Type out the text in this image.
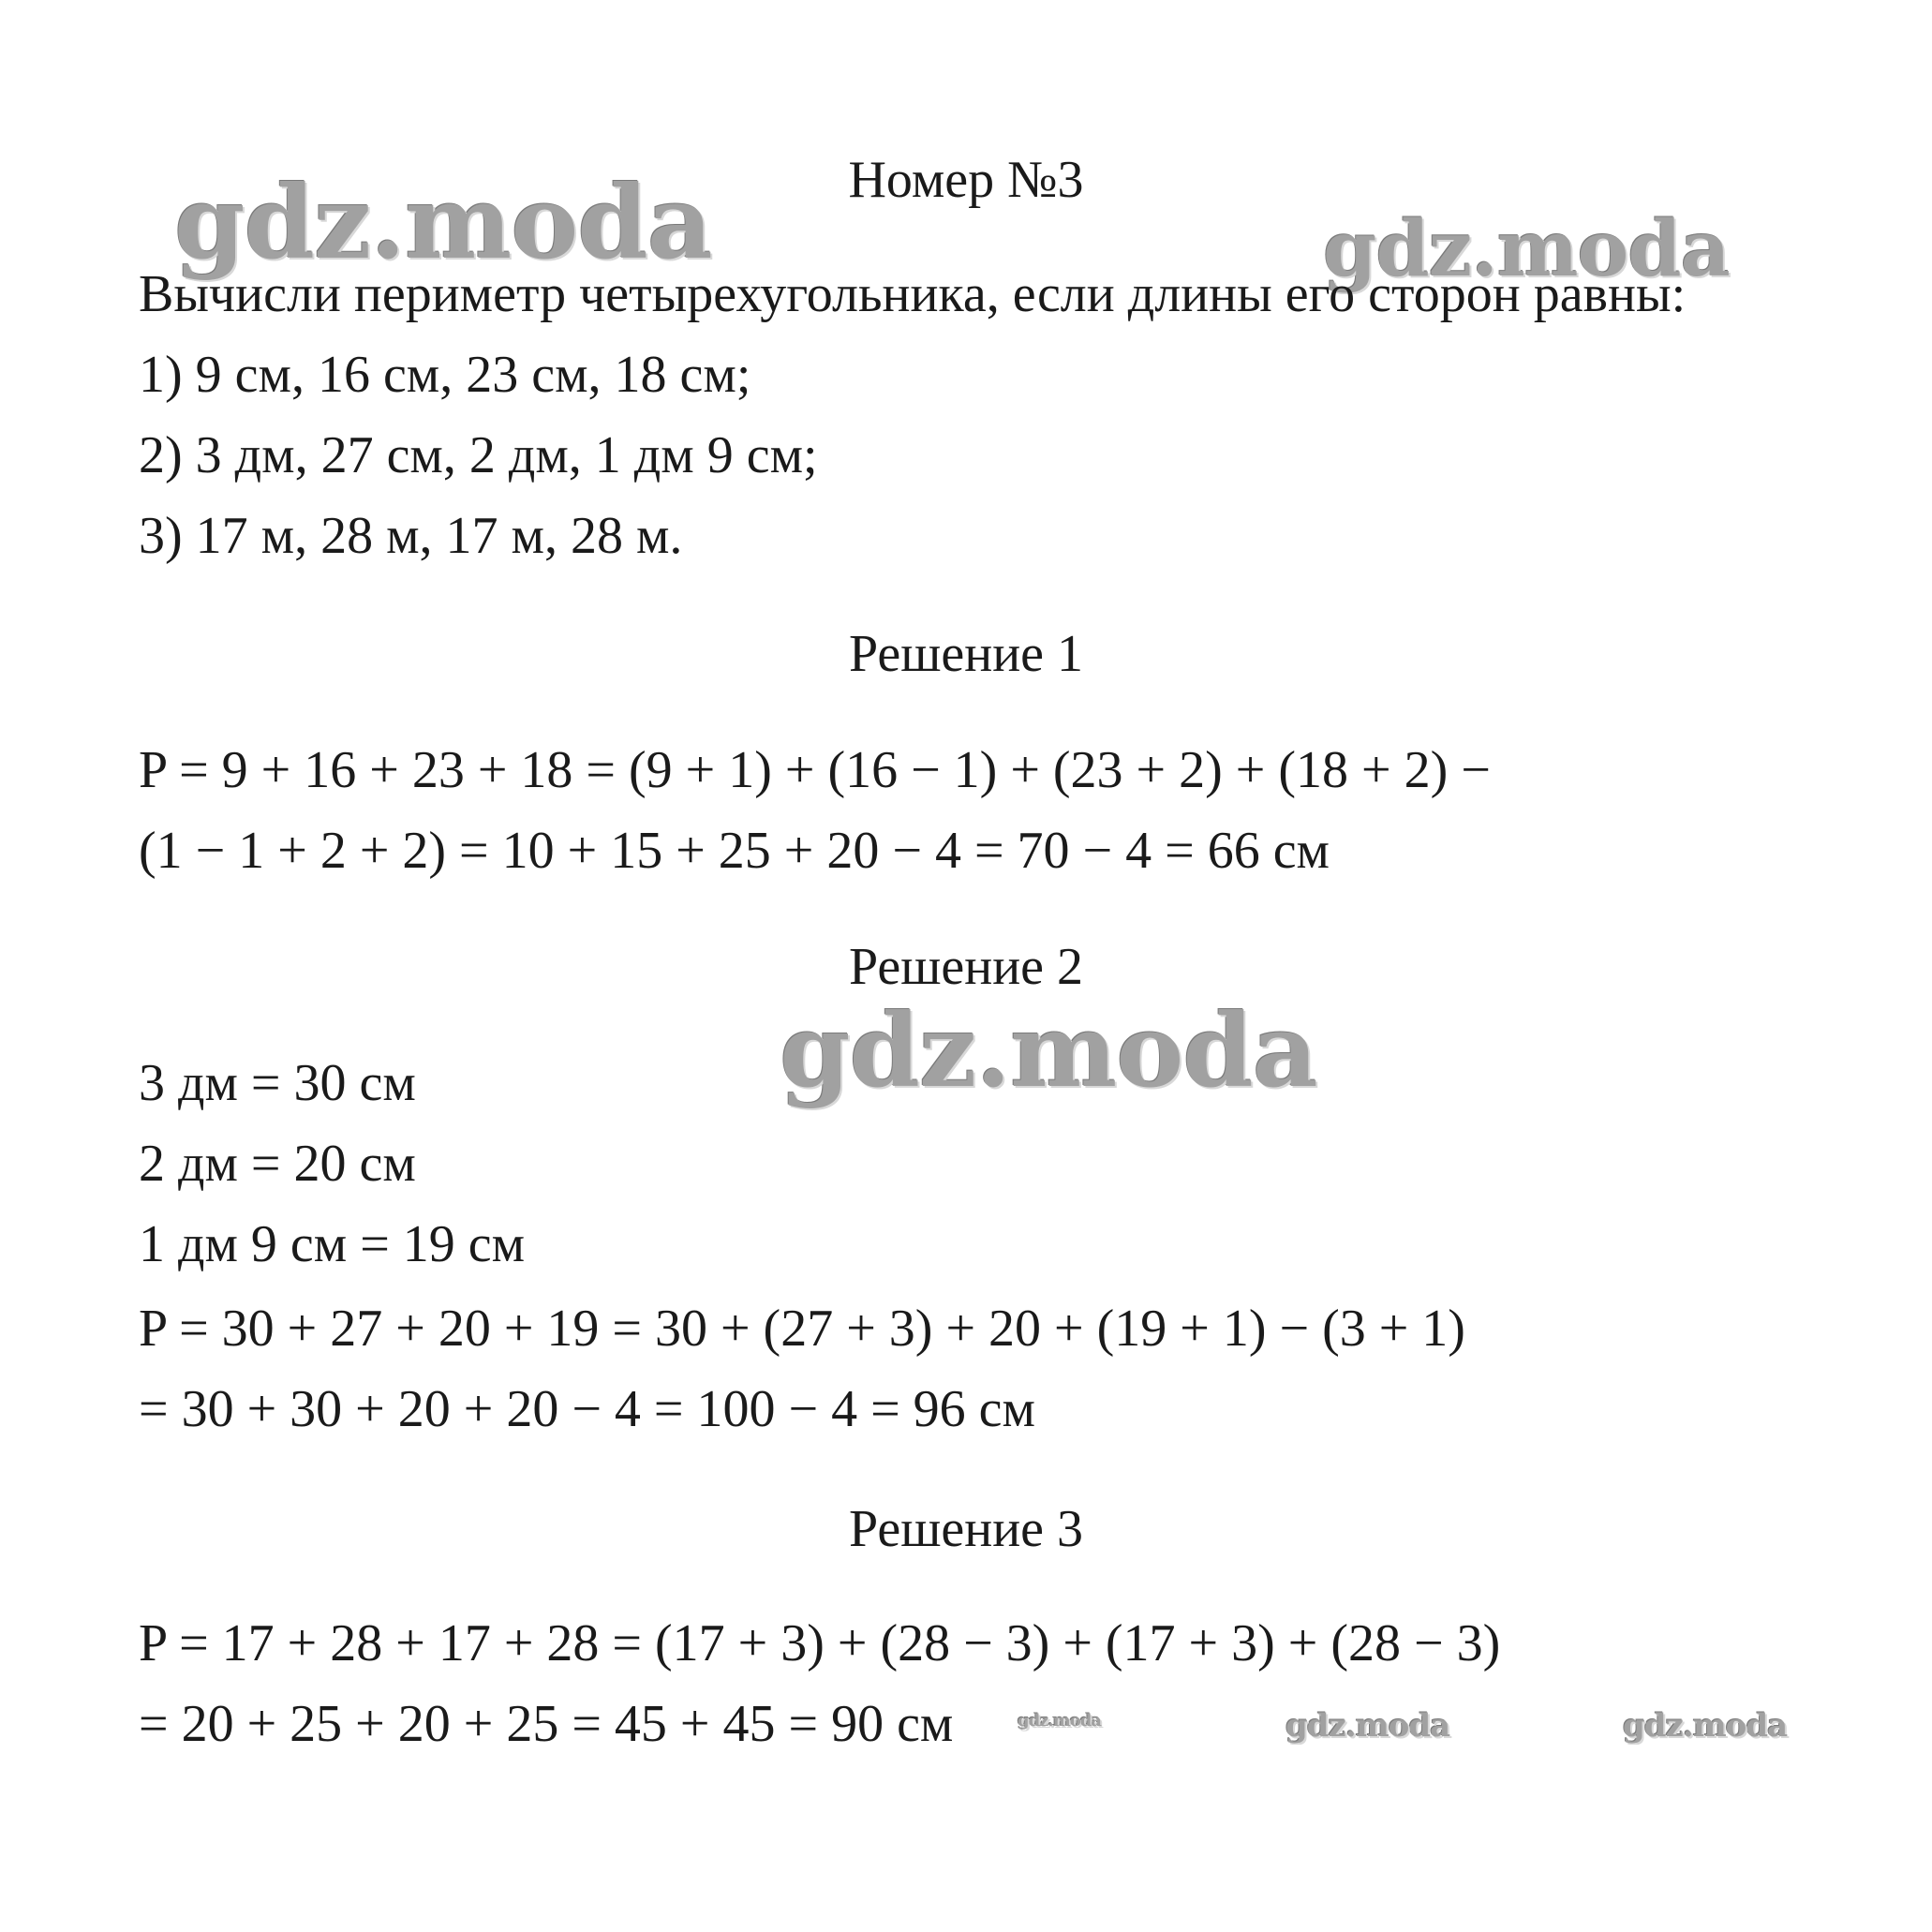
gdz.moda	gdz.moda
gdz.moda
gdz.moda	gdz.moda	gdz.moda
Номер №3
Вычисли периметр четырехугольника, если длины его сторон равны:
1) 9 см, 16 см, 23 см, 18 см;
2) 3 дм, 27 см, 2 дм, 1 дм 9 см;
3) 17 м, 28 м, 17 м, 28 м.
Решение 1
P = 9 + 16 + 23 + 18 = (9 + 1) + (16 − 1) + (23 + 2) + (18 + 2) −
(1 − 1 + 2 + 2) = 10 + 15 + 25 + 20 − 4 = 70 − 4 = 66 см
Решение 2
3 дм = 30 см
2 дм = 20 см
1 дм 9 см = 19 см
P = 30 + 27 + 20 + 19 = 30 + (27 + 3) + 20 + (19 + 1) − (3 + 1)
= 30 + 30 + 20 + 20 − 4 = 100 − 4 = 96 см
Решение 3
P = 17 + 28 + 17 + 28 = (17 + 3) + (28 − 3) + (17 + 3) + (28 − 3)
= 20 + 25 + 20 + 25 = 45 + 45 = 90 см
